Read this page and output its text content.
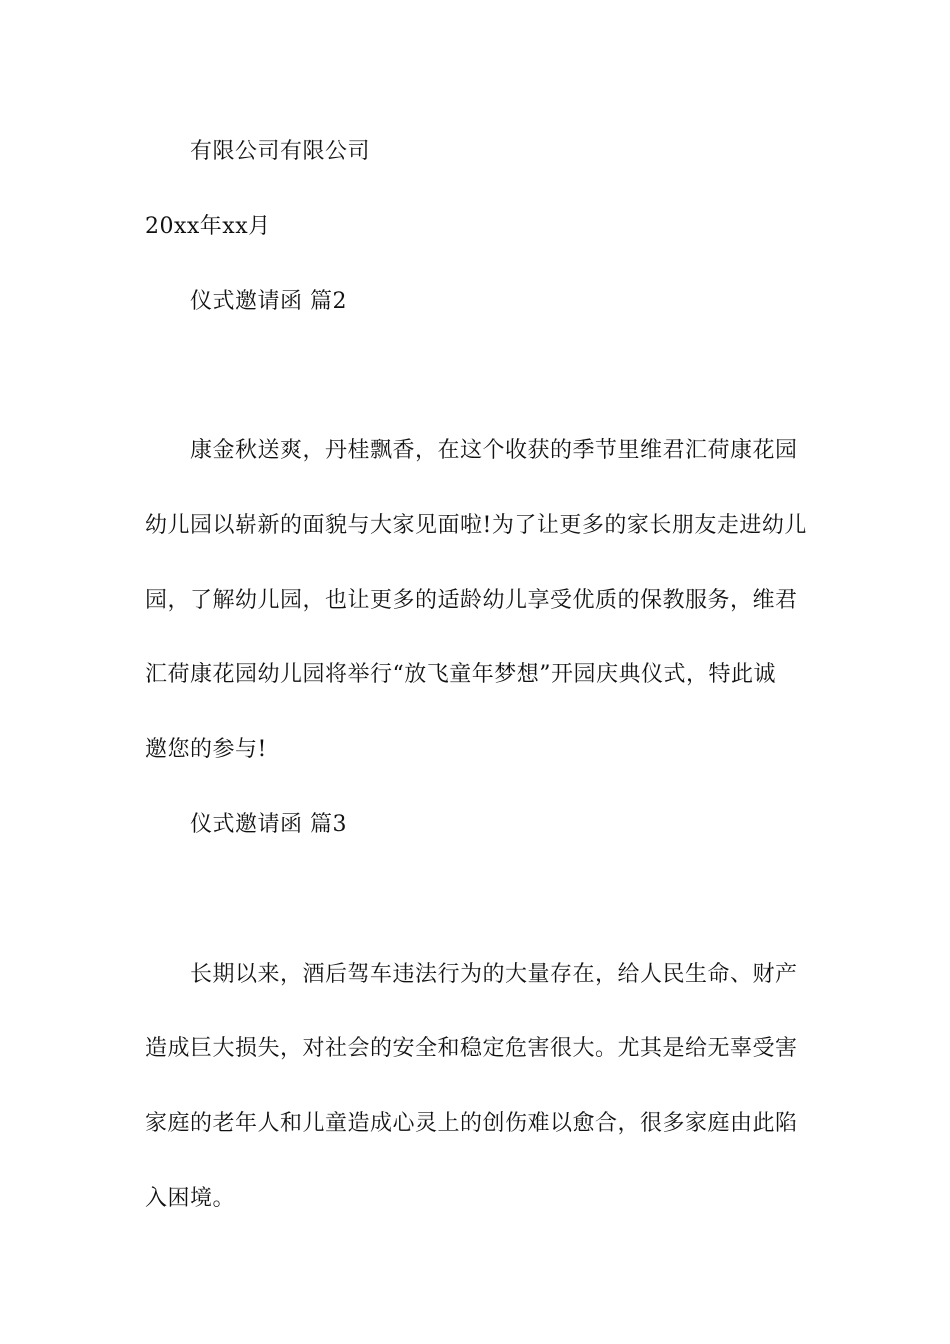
有限公司有限公司
20xx年xx月
仪式邀请函 篇2
康金秋送爽，丹桂飘香，在这个收获的季节里维君汇荷康花园
幼儿园以崭新的面貌与大家见面啦!为了让更多的家长朋友走进幼儿
园，了解幼儿园，也让更多的适龄幼儿享受优质的保教服务，维君
汇荷康花园幼儿园将举行“放飞童年梦想”开园庆典仪式，特此诚
邀您的参与!
仪式邀请函 篇3
长期以来，酒后驾车违法行为的大量存在，给人民生命、财产
造成巨大损失，对社会的安全和稳定危害很大。尤其是给无辜受害
家庭的老年人和儿童造成心灵上的创伤难以愈合，很多家庭由此陷
入困境。
